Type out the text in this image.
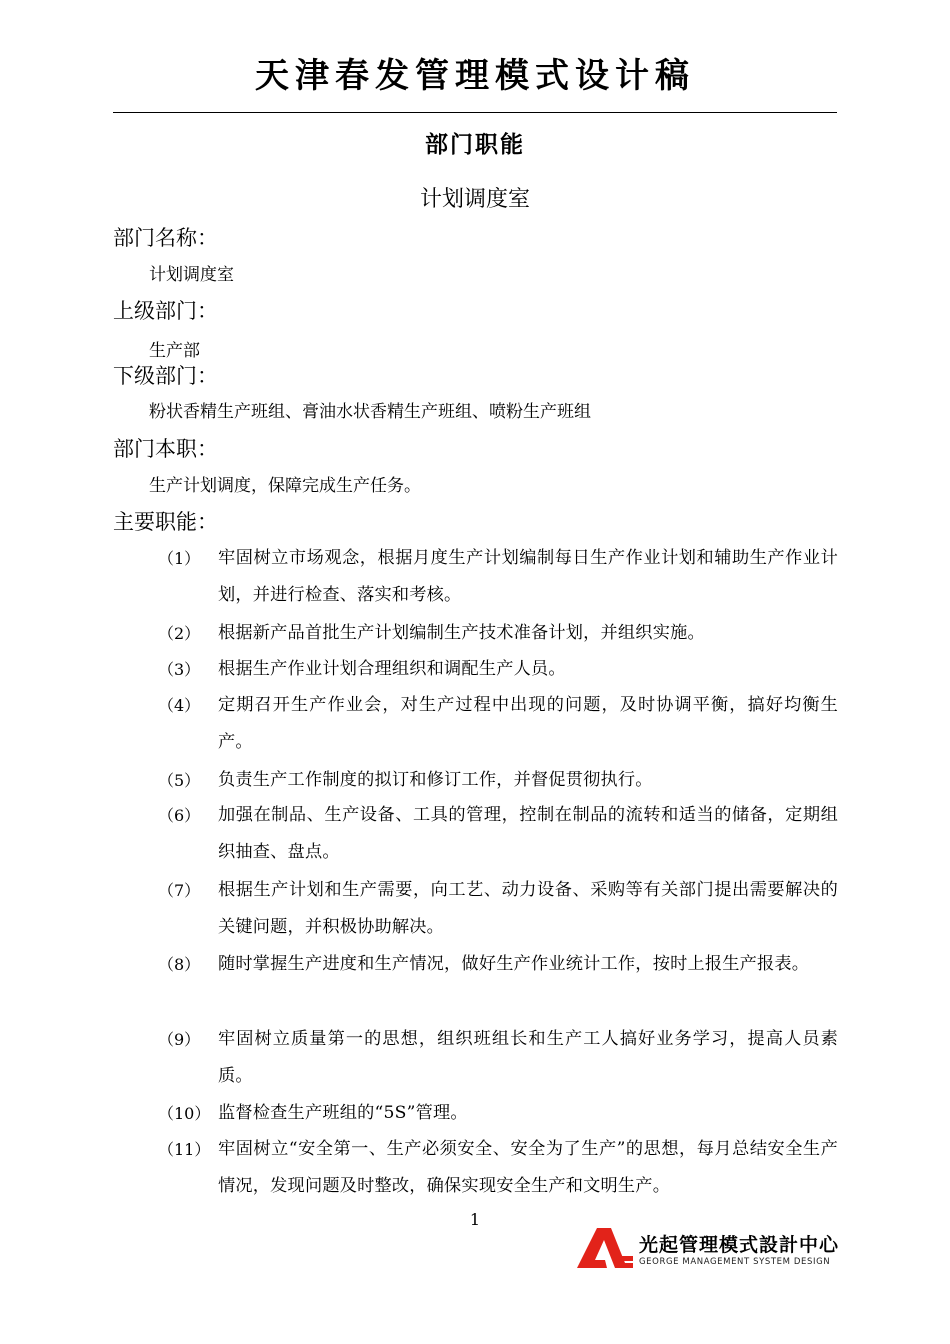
天津春发管理模式设计稿
部门职能
计划调度室
部门名称：
计划调度室
上级部门：
生产部
下级部门：
粉状香精生产班组、膏油水状香精生产班组、喷粉生产班组
部门本职：
生产计划调度，保障完成生产任务。
主要职能：
（1）	牢固树立市场观念，根据月度生产计划编制每日生产作业计划和辅助生产作业计划，并进行检查、落实和考核。
（2）	根据新产品首批生产计划编制生产技术准备计划，并组织实施。
（3）	根据生产作业计划合理组织和调配生产人员。
（4）	定期召开生产作业会，对生产过程中出现的问题，及时协调平衡，搞好均衡生产。
（5）	负责生产工作制度的拟订和修订工作，并督促贯彻执行。
（6）	加强在制品、生产设备、工具的管理，控制在制品的流转和适当的储备，定期组织抽查、盘点。
（7）	根据生产计划和生产需要，向工艺、动力设备、采购等有关部门提出需要解决的关键问题，并积极协助解决。
（8）	随时掌握生产进度和生产情况，做好生产作业统计工作，按时上报生产报表。
（9）	牢固树立质量第一的思想，组织班组长和生产工人搞好业务学习，提高人员素质。
（10） 监督检查生产班组的“5S”管理。
（11） 牢固树立“安全第一、生产必须安全、安全为了生产”的思想，每月总结安全生产情况，发现问题及时整改，确保实现安全生产和文明生产。
1
光起管理模式設計中心
GEORGE MANAGEMENT SYSTEM DESIGN
